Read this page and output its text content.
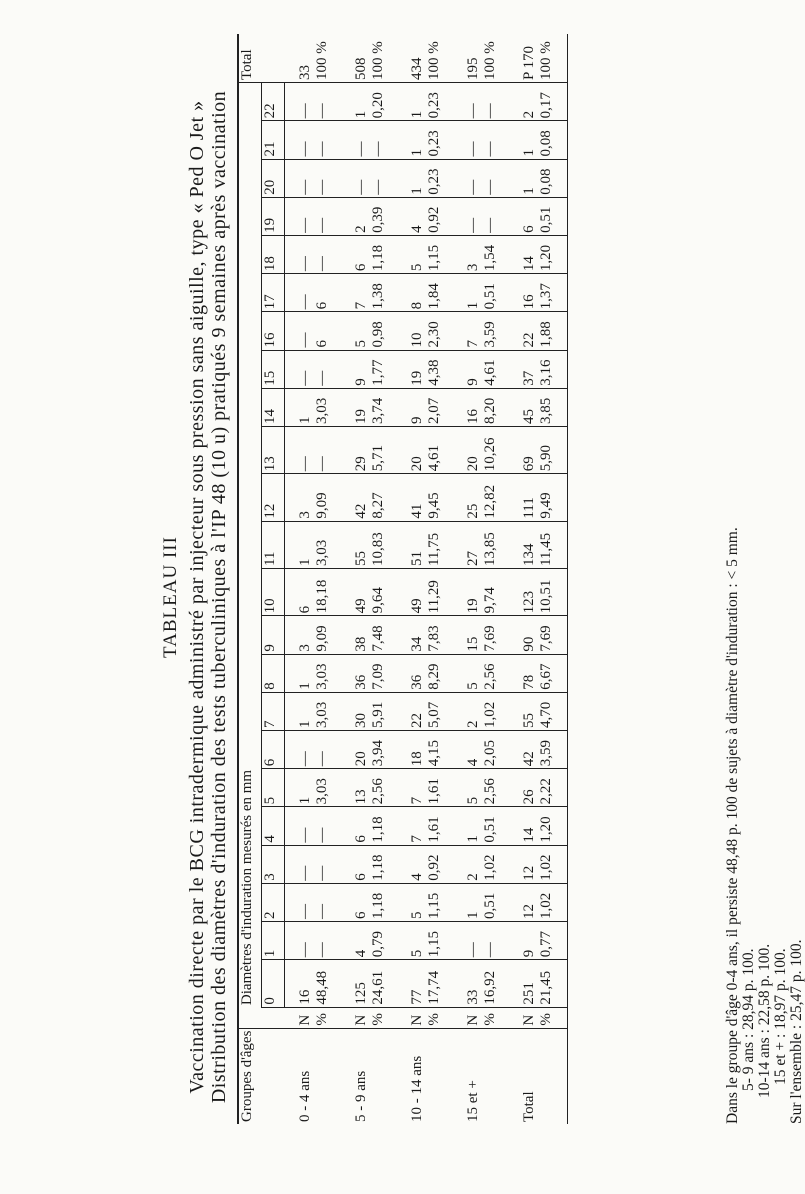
TABLEAU III Vaccination directe par le BCG intradermique administré par injecteur sous pression sans aiguille, type « Ped O Jet » Distribution des diamètres d'induration des tests tuberculiniques à l'IP 48 (10 u) pratiqués 9 semaines après vaccination Groupes d'âges		Diamètres d'induration mesurés en mm																							Total
		0	1	2	3	4	5	6	7	8	9	10	11	12	13	14	15	16	17	18	19	20	21	22	
0 - 4 ans	N	16	—	—	—	—	1	—	1	1	3	6	1	3	—	1	—	—	—	—	—	—	—	—	33
	%	48,48	—	—	—	—	3,03	—	3,03	3,03	9,09	18,18	3,03	9,09	—	3,03	—	6	6	—	—	—	—	—	100 %
5 - 9 ans	N	125	4	6	6	6	13	20	30	36	38	49	55	42	29	19	9	5	7	6	2	—	—	1	508
	%	24,61	0,79	1,18	1,18	1,18	2,56	3,94	5,91	7,09	7,48	9,64	10,83	8,27	5,71	3,74	1,77	0,98	1,38	1,18	0,39	—	—	0,20	100 %
10 - 14 ans	N	77	5	5	4	7	7	18	22	36	34	49	51	41	20	9	19	10	8	5	4	1	1	1	434
	%	17,74	1,15	1,15	0,92	1,61	1,61	4,15	5,07	8,29	7,83	11,29	11,75	9,45	4,61	2,07	4,38	2,30	1,84	1,15	0,92	0,23	0,23	0,23	100 %
15 et +	N	33	—	1	2	1	5	4	2	5	15	19	27	25	20	16	9	7	1	3	—	—	—	—	195
	%	16,92	—	0,51	1,02	0,51	2,56	2,05	1,02	2,56	7,69	9,74	13,85	12,82	10,26	8,20	4,61	3,59	0,51	1,54	—	—	—	—	100 %
Total	N	251	9	12	12	14	26	42	55	78	90	123	134	111	69	45	37	22	16	14	6	1	1	2	P 170
	%	21,45	0,77	1,02	1,02	1,20	2,22	3,59	4,70	6,67	7,69	10,51	11,45	9,49	5,90	3,85	3,16	1,88	1,37	1,20	0,51	0,08	0,08	0,17	100 %
Dans le groupe d'âge 0-4 ans, il persiste 48,48 p. 100 de sujets à diamètre d'induration : < 5 mm. 5- 9 ans : 28,94 p. 100. 10-14 ans : 22,58 p. 100. 15 et + : 18,97 p. 100. Sur l'ensemble : 25,47 p. 100.
